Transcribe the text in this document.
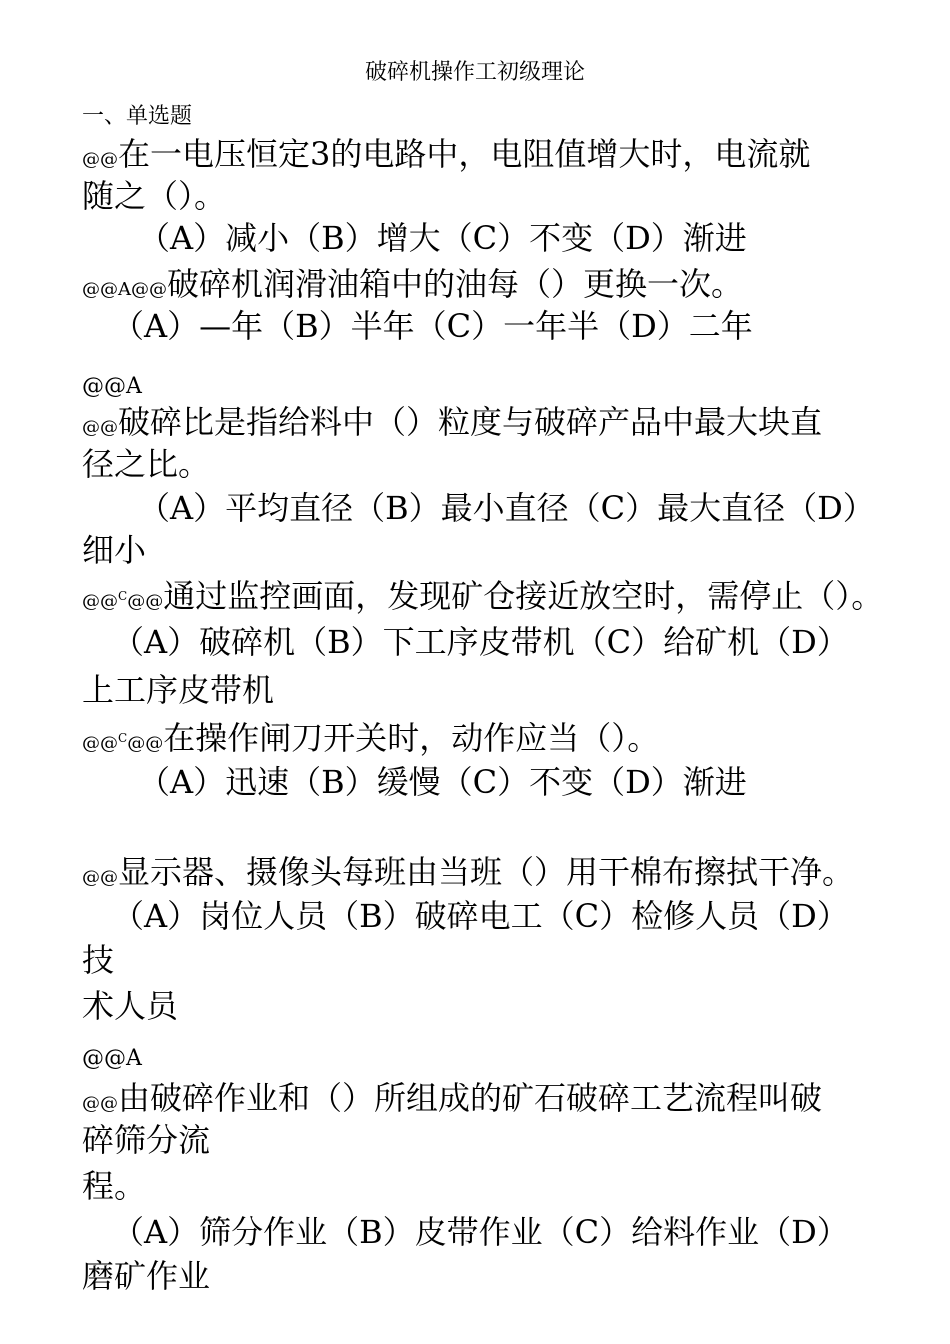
破碎机操作工初级理论
一、单选题
@@在一电压恒定3的电路中，电阻值增大时，电流就
随之（）。
（A）减小（B）增大（C）不变（D）渐进
@@A@@破碎机润滑油箱中的油每（）更换一次。
（A）—年（B）半年（C）一年半（D）二年
@@A
@@破碎比是指给料中（）粒度与破碎产品中最大块直
径之比。
（A）平均直径（B）最小直径（C）最大直径（D）
细小
@@$^C$@@通过监控画面，发现矿仓接近放空时，需停止（）。
（A）破碎机（B）下工序皮带机（C）给矿机（D）
上工序皮带机
@@$^C$@@在操作闸刀开关时，动作应当（）。
（A）迅速（B）缓慢（C）不变（D）渐进
@@显示器、摄像头每班由当班（）用干棉布擦拭干净。
（A）岗位人员（B）破碎电工（C）检修人员（D）
技
术人员
@@A
@@由破碎作业和（）所组成的矿石破碎工艺流程叫破
碎筛分流
程。
（A）筛分作业（B）皮带作业（C）给料作业（D）
磨矿作业
